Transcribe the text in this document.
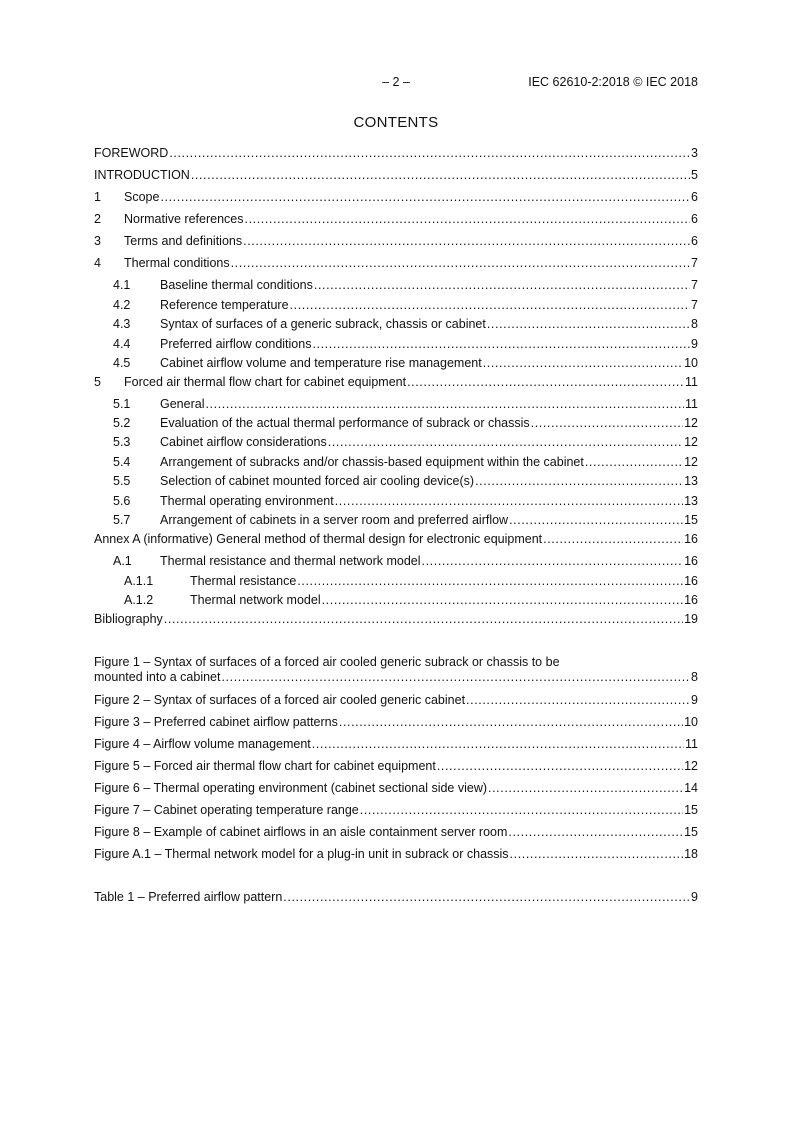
– 2 –	IEC 62610-2:2018 © IEC 2018
CONTENTS
FOREWORD .....	3
INTRODUCTION .....	5
1	Scope .....	6
2	Normative references .....	6
3	Terms and definitions .....	6
4	Thermal conditions .....	7
4.1	Baseline thermal conditions .....	7
4.2	Reference temperature .....	7
4.3	Syntax of surfaces of a generic subrack, chassis or cabinet .....	8
4.4	Preferred airflow conditions .....	9
4.5	Cabinet airflow volume and temperature rise management .....	10
5	Forced air thermal flow chart for cabinet equipment .....	11
5.1	General .....	11
5.2	Evaluation of the actual thermal performance of subrack or chassis .....	12
5.3	Cabinet airflow considerations .....	12
5.4	Arrangement of subracks and/or chassis-based equipment within the cabinet .....	12
5.5	Selection of cabinet mounted forced air cooling device(s) .....	13
5.6	Thermal operating environment .....	13
5.7	Arrangement of cabinets in a server room and preferred airflow .....	15
Annex A (informative) General method of thermal design for electronic equipment .....	16
A.1	Thermal resistance and thermal network model .....	16
A.1.1	Thermal resistance .....	16
A.1.2	Thermal network model .....	16
Bibliography .....	19
Figure 1 – Syntax of surfaces of a forced air cooled generic subrack or chassis to be
mounted into a cabinet .....	8
Figure 2 – Syntax of surfaces of a forced air cooled generic cabinet .....	9
Figure 3 – Preferred cabinet airflow patterns .....	10
Figure 4 – Airflow volume management .....	11
Figure 5 – Forced air thermal flow chart for cabinet equipment .....	12
Figure 6 – Thermal operating environment (cabinet sectional side view) .....	14
Figure 7 – Cabinet operating temperature range .....	15
Figure 8 – Example of cabinet airflows in an aisle containment server room .....	15
Figure A.1 – Thermal network model for a plug-in unit in subrack or chassis .....	18
Table 1 – Preferred airflow pattern .....	9
